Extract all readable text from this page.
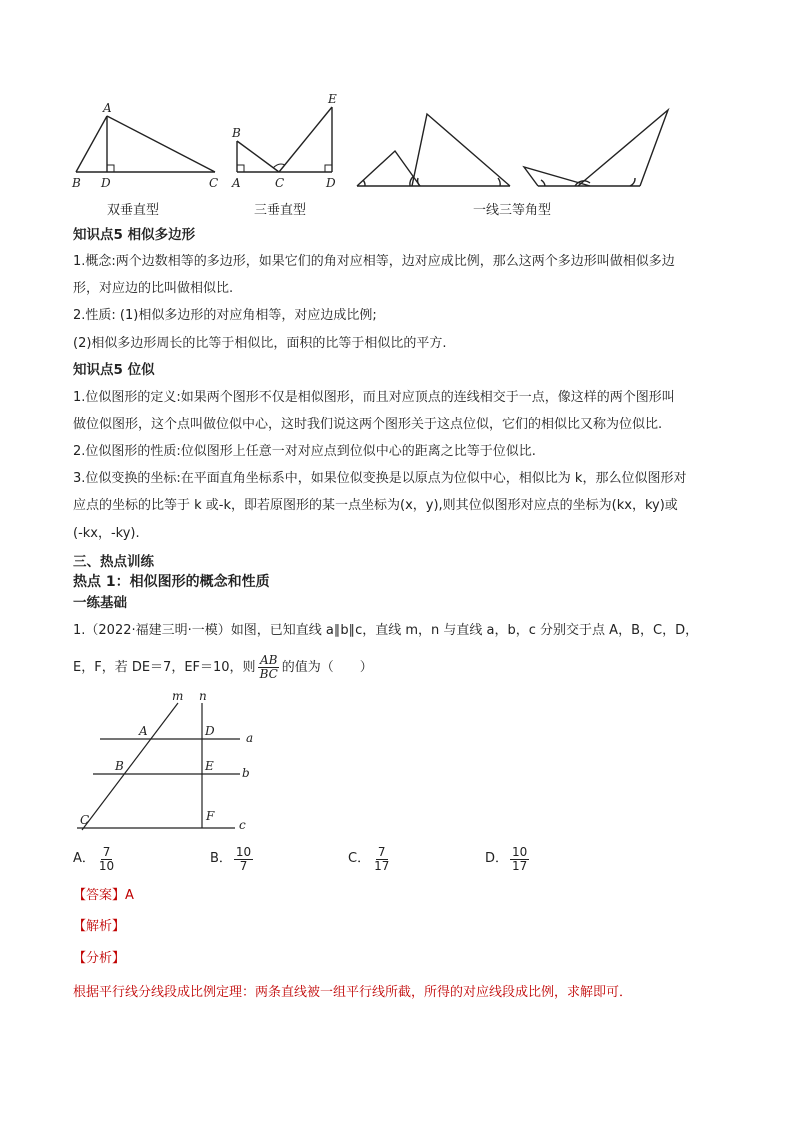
A
B D	C
E
B
A	C	D
双垂直型	三垂直型	一线三等角型
知识点5 相似多边形
1.概念:两个边数相等的多边形，如果它们的角对应相等，边对应成比例，那么这两个多边形叫做相似多边
形，对应边的比叫做相似比.
2.性质: (1)相似多边形的对应角相等，对应边成比例;
(2)相似多边形周长的比等于相似比，面积的比等于相似比的平方.
知识点5 位似
1.位似图形的定义:如果两个图形不仅是相似图形，而且对应顶点的连线相交于一点，像这样的两个图形叫
做位似图形，这个点叫做位似中心，这时我们说这两个图形关于这点位似，它们的相似比又称为位似比.
2.位似图形的性质:位似图形上任意一对对应点到位似中心的距离之比等于位似比.
3.位似变换的坐标:在平面直角坐标系中，如果位似变换是以原点为位似中心，相似比为 k，那么位似图形对
应点的坐标的比等于 k 或-k，即若原图形的某一点坐标为(x，y),则其位似图形对应点的坐标为(kx，ky)或
(-kx，-ky).
三、热点训练
热点 1：相似图形的概念和性质
一练基础
1.（2022·福建三明·一模）如图，已知直线 a∥b∥c，直线 m，n 与直线 a，b，c 分别交于点 A，B，C，D，
E，F，若 DE＝7，EF＝10，则 $\frac{AB}{BC}$ 的值为（　　）
m n
A	D	a
B	E b
C	F
c
A． $\frac{7}{10}$	B． $\frac{10}{7}$	C． $\frac{7}{17}$	D． $\frac{10}{17}$
【答案】A
【解析】
【分析】
根据平行线分线段成比例定理：两条直线被一组平行线所截，所得的对应线段成比例，求解即可．
